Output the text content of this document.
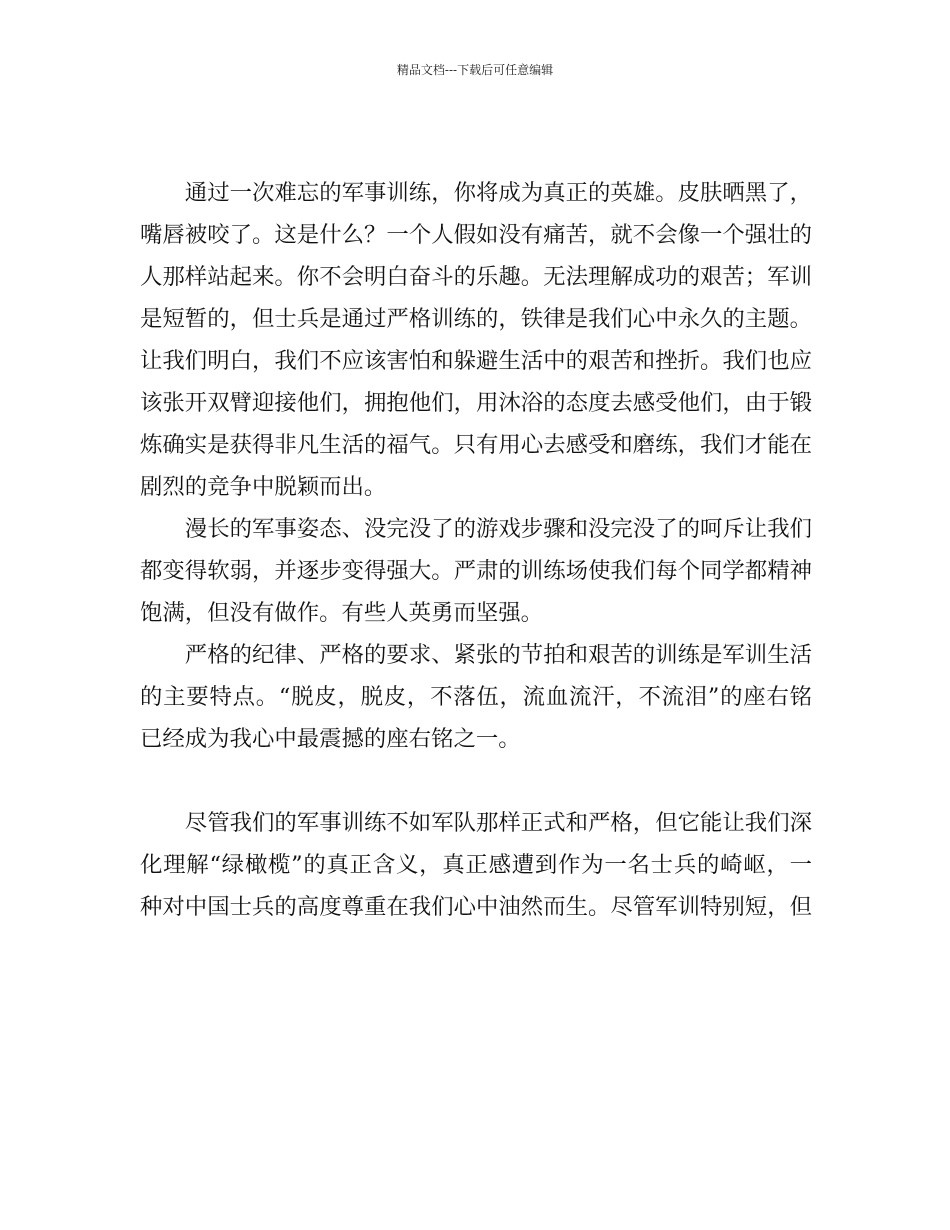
精品文档---下载后可任意编辑
通过一次难忘的军事训练，你将成为真正的英雄。皮肤晒黑了，
嘴唇被咬了。这是什么？一个人假如没有痛苦，就不会像一个强壮的
人那样站起来。你不会明白奋斗的乐趣。无法理解成功的艰苦；军训
是短暂的，但士兵是通过严格训练的，铁律是我们心中永久的主题。
让我们明白，我们不应该害怕和躲避生活中的艰苦和挫折。我们也应
该张开双臂迎接他们，拥抱他们，用沐浴的态度去感受他们，由于锻
炼确实是获得非凡生活的福气。只有用心去感受和磨练，我们才能在
剧烈的竞争中脱颖而出。
漫长的军事姿态、没完没了的游戏步骤和没完没了的呵斥让我们
都变得软弱，并逐步变得强大。严肃的训练场使我们每个同学都精神
饱满，但没有做作。有些人英勇而坚强。
严格的纪律、严格的要求、紧张的节拍和艰苦的训练是军训生活
的主要特点。“脱皮，脱皮，不落伍，流血流汗，不流泪”的座右铭
已经成为我心中最震撼的座右铭之一。
尽管我们的军事训练不如军队那样正式和严格，但它能让我们深
化理解“绿橄榄”的真正含义，真正感遭到作为一名士兵的崎岖，一
种对中国士兵的高度尊重在我们心中油然而生。尽管军训特别短，但
